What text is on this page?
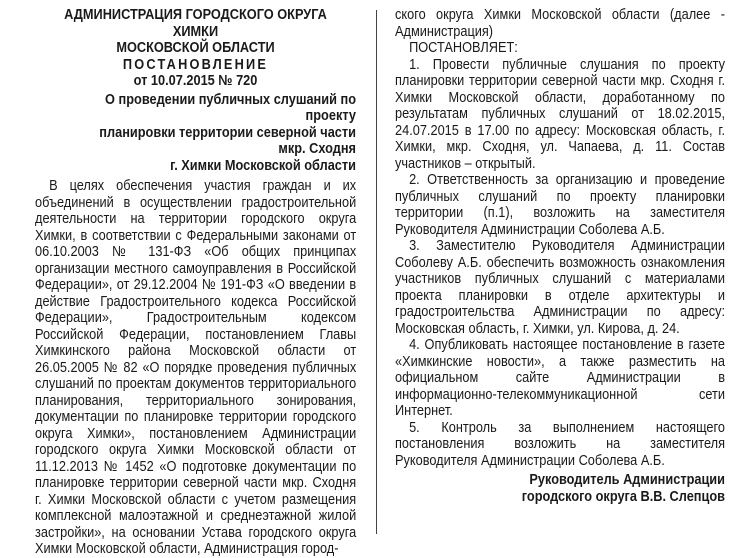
АДМИНИСТРАЦИЯ ГОРОДСКОГО ОКРУГА ХИМКИ
МОСКОВСКОЙ ОБЛАСТИ
ПОСТАНОВЛЕНИЕ
от 10.07.2015 № 720
О проведении публичных слушаний по проекту
планировки территории северной части мкр. Сходня
г. Химки Московской области

В целях обеспечения участия граждан и их объединений в осуществлении градостроительной деятельности на территории городского округа Химки, в соответствии с Федеральными законами от 06.10.2003 № 131-ФЗ «Об общих принципах организации местного самоуправления в Российской Федерации», от 29.12.2004 № 191-ФЗ «О введении в действие Градостроительного кодекса Российской Федерации», Градостроительным кодексом Российской Федерации, постановлением Главы Химкинского района Московской области от 26.05.2005 № 82 «О порядке проведения публичных слушаний по проектам документов территориального планирования, территориального зонирования, документации по планировке территории городского округа Химки», постановлением Администрации городского округа Химки Московской области от 11.12.2013 № 1452 «О подготовке документации по планировке территории северной части мкр. Сходня г. Химки Московской области с учетом размещения комплексной малоэтажной и среднеэтажной жилой застройки», на основании Устава городского округа Химки Московской области, Администрация город-

ского округа Химки Московской области (далее - Администрация)

ПОСТАНОВЛЯЕТ:

1. Провести публичные слушания по проекту планировки территории северной части мкр. Сходня г. Химки Московской области, доработанному по результатам публичных слушаний от 18.02.2015, 24.07.2015 в 17.00 по адресу: Московская область, г. Химки, мкр. Сходня, ул. Чапаева, д. 11. Состав участников – открытый.

2. Ответственность за организацию и проведение публичных слушаний по проекту планировки территории (п.1), возложить на заместителя Руководителя Администрации Соболева А.Б.

3. Заместителю Руководителя Администрации Соболеву А.Б. обеспечить возможность ознакомления участников публичных слушаний с материалами проекта планировки в отделе архитектуры и градостроительства Администрации по адресу: Московская область, г. Химки, ул. Кирова, д. 24.

4. Опубликовать настоящее постановление в газете «Химкинские новости», а также разместить на официальном сайте Администрации в информационно-телекоммуникационной сети Интернет.

5. Контроль за выполнением настоящего постановления возложить на заместителя Руководителя Администрации Соболева А.Б.

Руководитель Администрации
городского округа В.В. Слепцов
